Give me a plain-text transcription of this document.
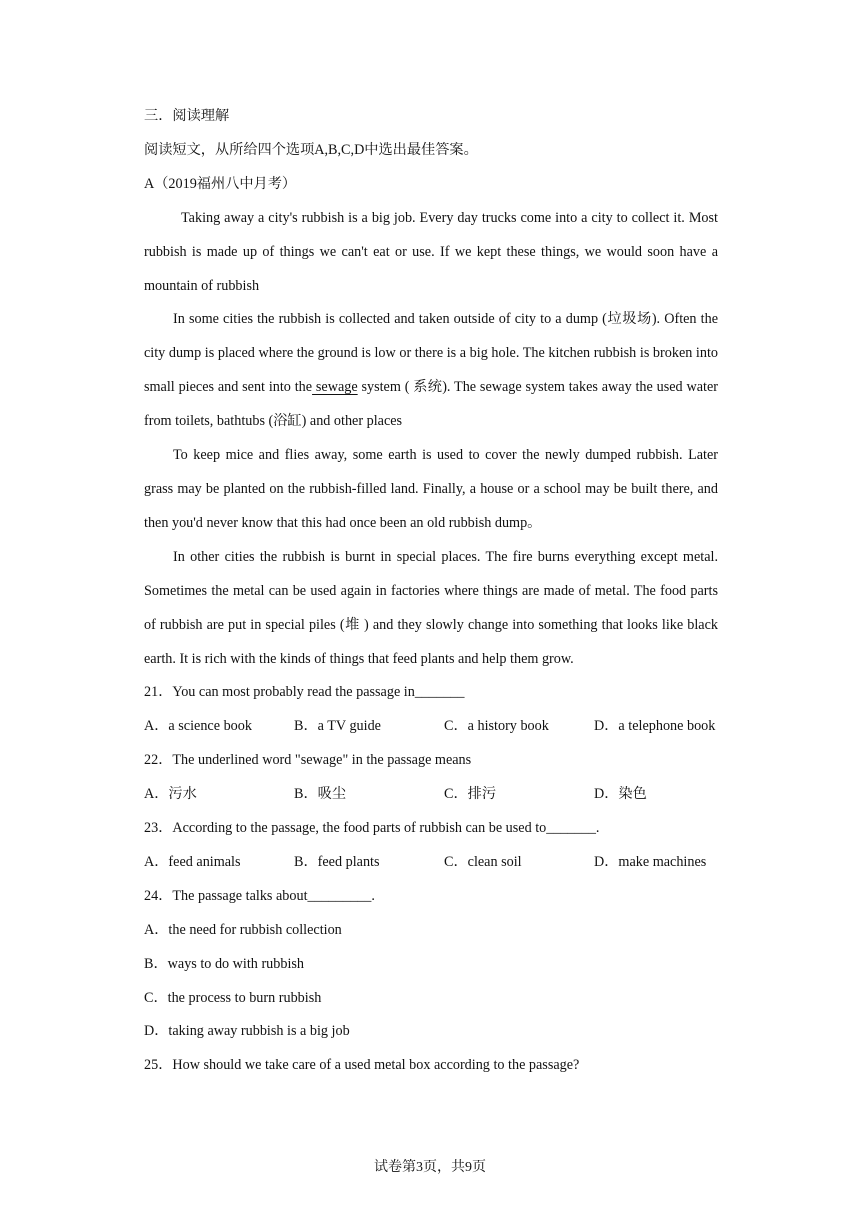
三．阅读理解
阅读短文，从所给四个选项A,B,C,D中选出最佳答案。
A（2019福州八中月考）
Taking away a city's rubbish is a big job. Every day trucks come into a city to collect it. Most rubbish is made up of things we can't eat or use. If we kept these things, we would soon have a mountain of rubbish
In some cities the rubbish is collected and taken outside of city to a dump (垃圾场). Often the city dump is placed where the ground is low or there is a big hole. The kitchen rubbish is broken into small pieces and sent into the sewage system ( 系统). The sewage system takes away the used water from toilets, bathtubs (浴缸) and other places
To keep mice and flies away, some earth is used to cover the newly dumped rubbish. Later grass may be planted on the rubbish-filled land. Finally, a house or a school may be built there, and then you'd never know that this had once been an old rubbish dump。
In other cities the rubbish is burnt in special places. The fire burns everything except metal. Sometimes the metal can be used again in factories where things are made of metal. The food parts of rubbish are put in special piles (堆 ) and they slowly change into something that looks like black earth. It is rich with the kinds of things that feed plants and help them grow.
21．You can most probably read the passage in_______
A．a science book	B．a TV guide	C．a history book	D．a telephone book
22．The underlined word "sewage" in the passage means
A．污水	B．吸尘	C．排污	D．染色
23．According to the passage, the food parts of rubbish can be used to_______.
A．feed animals	B．feed plants	C．clean soil	D．make machines
24．The passage talks about_________.
A．the need for rubbish collection
B．ways to do with rubbish
C．the process to burn rubbish
D．taking away rubbish is a big job
25．How should we take care of a used metal box according to the passage?
试卷第3页，共9页
